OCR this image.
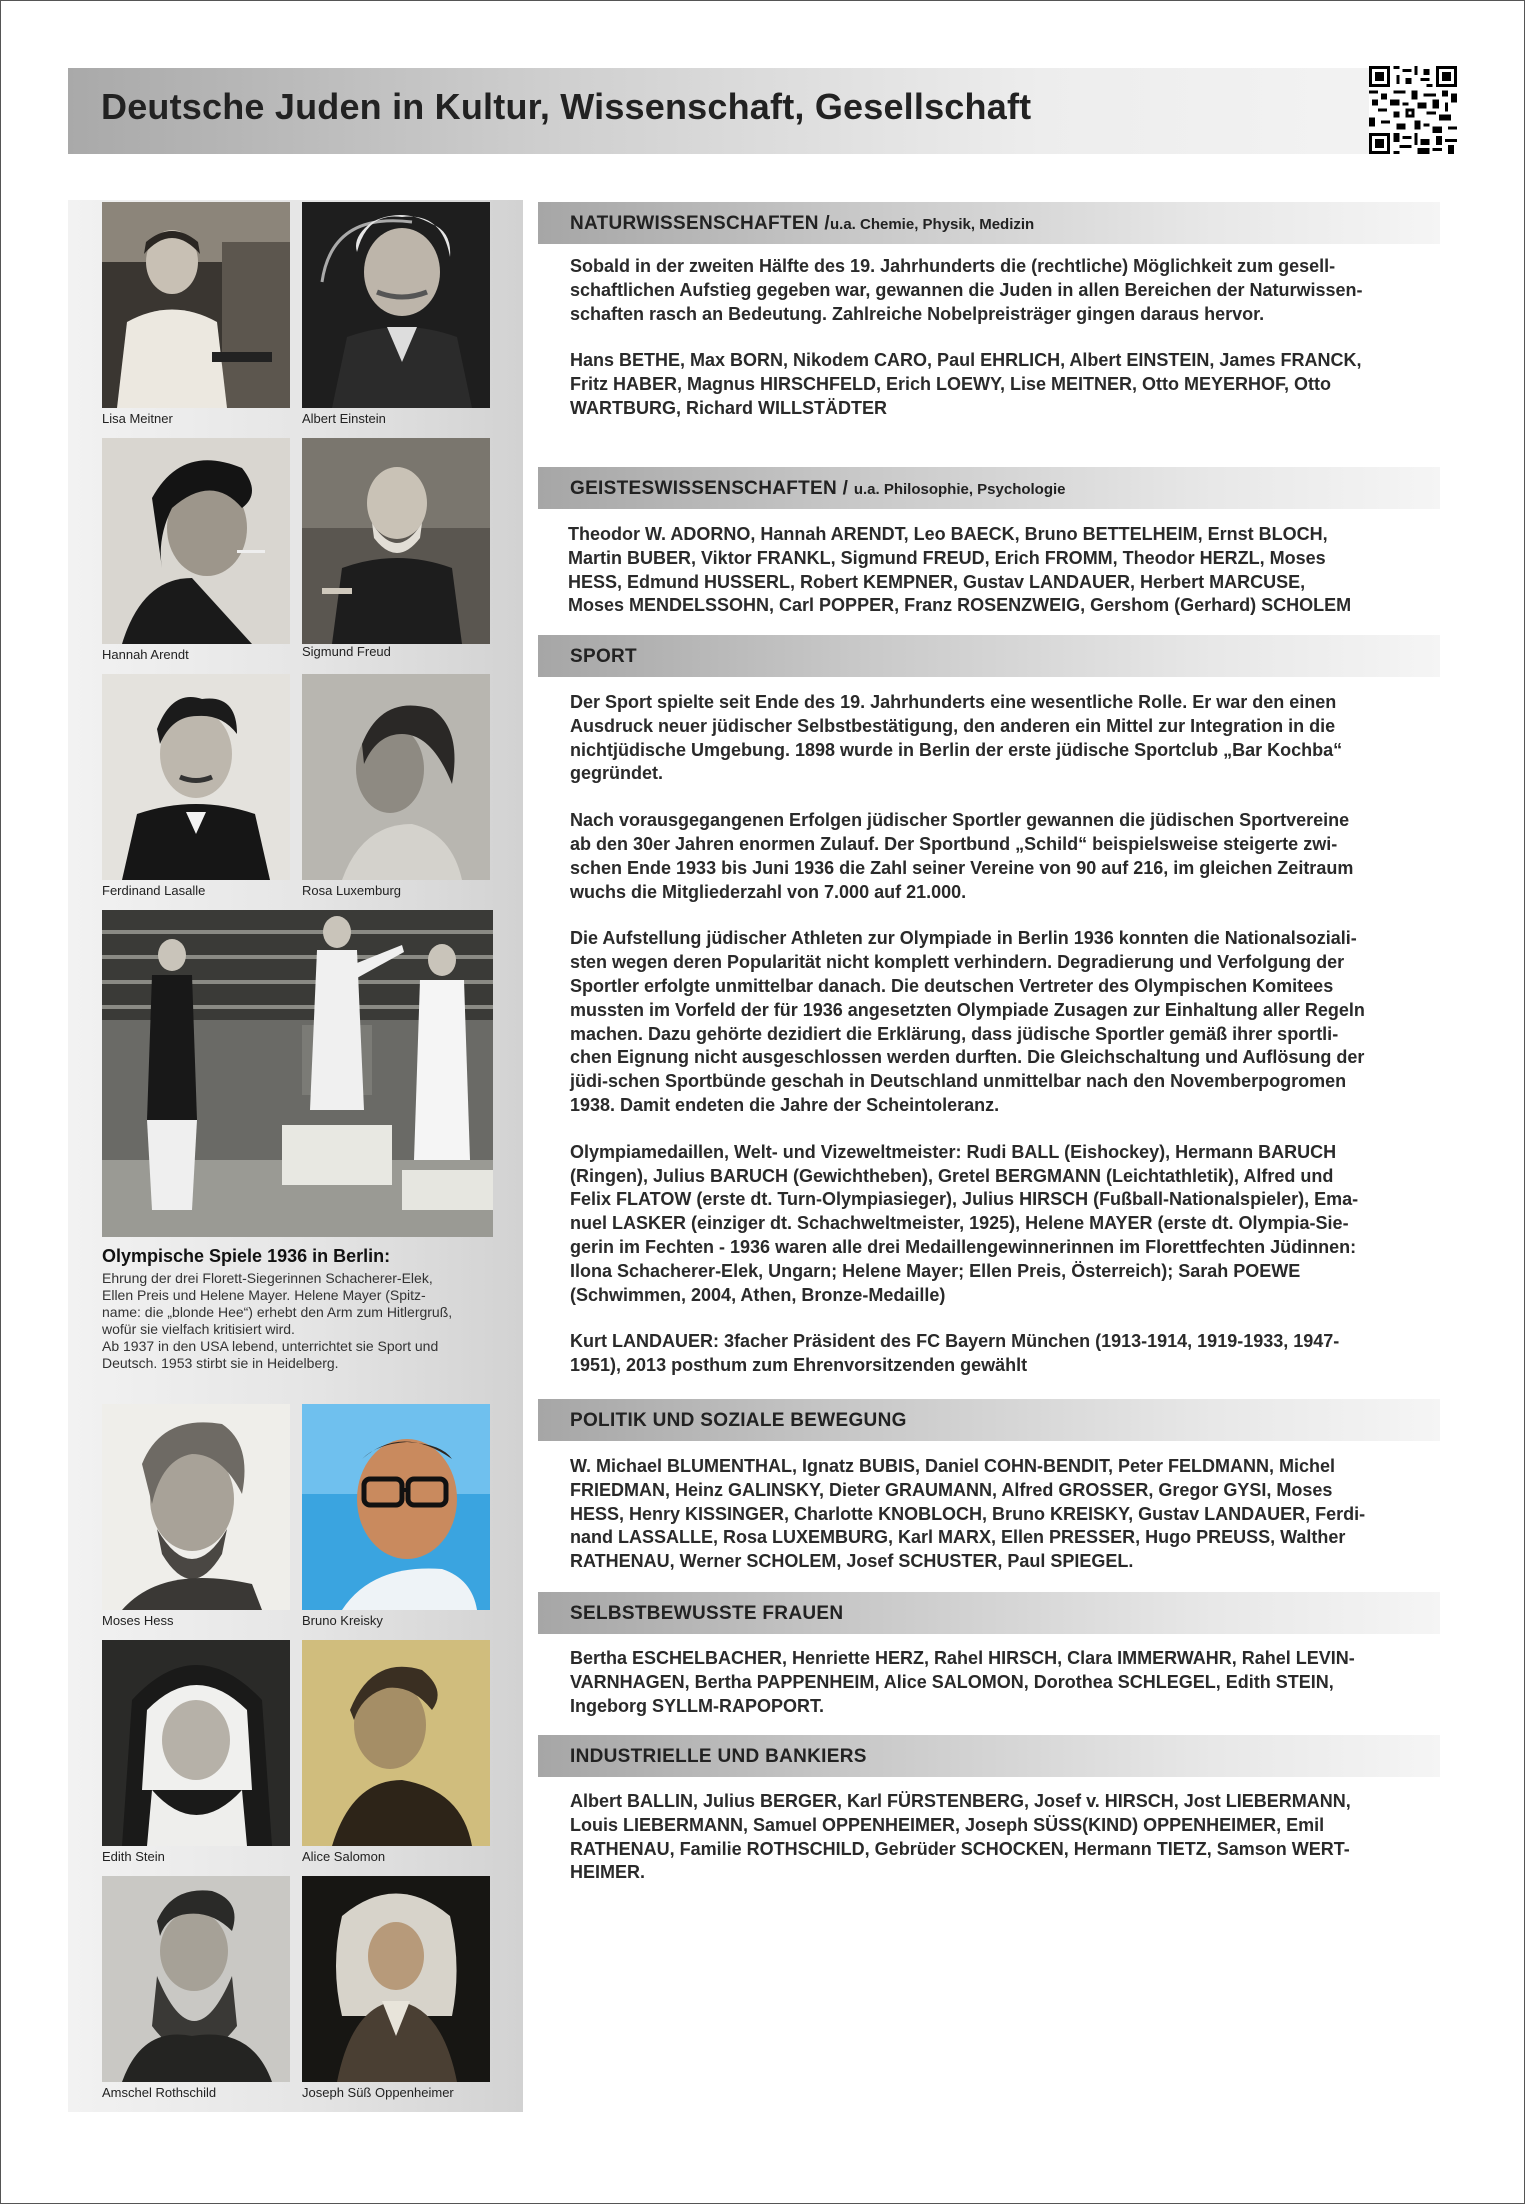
Deutsche Juden in Kultur, Wissenschaft, Gesellschaft
Lisa Meitner	Albert Einstein
Hannah Arendt	Sigmund Freud
Ferdinand Lasalle	Rosa Luxemburg
Olympische Spiele 1936 in Berlin:
Ehrung der drei Florett-Siegerinnen Schacherer-Elek,
Ellen Preis und Helene Mayer. Helene Mayer (Spitz-
name: die „blonde Hee“) erhebt den Arm zum Hitlergruß,
wofür sie vielfach kritisiert wird.
Ab 1937 in den USA lebend, unterrichtet sie Sport und
Deutsch. 1953 stirbt sie in Heidelberg.
Moses Hess	Bruno Kreisky
Edith Stein	Alice Salomon
Amschel Rothschild	Joseph Süß Oppenheimer
NATURWISSENSCHAFTEN /u.a. Chemie, Physik, Medizin
Sobald in der zweiten Hälfte des 19. Jahrhunderts die (rechtliche) Möglichkeit zum gesell-
schaftlichen Aufstieg gegeben war, gewannen die Juden in allen Bereichen der Naturwissen-
schaften rasch an Bedeutung. Zahlreiche Nobelpreisträger gingen daraus hervor.
Hans BETHE, Max BORN, Nikodem CARO, Paul EHRLICH, Albert EINSTEIN, James FRANCK,
Fritz HABER, Magnus HIRSCHFELD, Erich LOEWY, Lise MEITNER, Otto MEYERHOF, Otto
WARTBURG, Richard WILLSTÄDTER
GEISTESWISSENSCHAFTEN / u.a. Philosophie, Psychologie
Theodor W. ADORNO, Hannah ARENDT, Leo BAECK, Bruno BETTELHEIM, Ernst BLOCH,
Martin BUBER, Viktor FRANKL, Sigmund FREUD, Erich FROMM, Theodor HERZL, Moses
HESS, Edmund HUSSERL, Robert KEMPNER, Gustav LANDAUER, Herbert MARCUSE,
Moses MENDELSSOHN, Carl POPPER, Franz ROSENZWEIG, Gershom (Gerhard) SCHOLEM
SPORT
Der Sport spielte seit Ende des 19. Jahrhunderts eine wesentliche Rolle. Er war den einen
Ausdruck neuer jüdischer Selbstbestätigung, den anderen ein Mittel zur Integration in die
nichtjüdische Umgebung. 1898 wurde in Berlin der erste jüdische Sportclub „Bar Kochba“
gegründet.
Nach vorausgegangenen Erfolgen jüdischer Sportler gewannen die jüdischen Sportvereine
ab den 30er Jahren enormen Zulauf. Der Sportbund „Schild“ beispielsweise steigerte zwi-
schen Ende 1933 bis Juni 1936 die Zahl seiner Vereine von 90 auf 216, im gleichen Zeitraum
wuchs die Mitgliederzahl von 7.000 auf 21.000.
Die Aufstellung jüdischer Athleten zur Olympiade in Berlin 1936 konnten die Nationalsoziali-
sten wegen deren Popularität nicht komplett verhindern. Degradierung und Verfolgung der
Sportler erfolgte unmittelbar danach. Die deutschen Vertreter des Olympischen Komitees
mussten im Vorfeld der für 1936 angesetzten Olympiade Zusagen zur Einhaltung aller Regeln
machen. Dazu gehörte dezidiert die Erklärung, dass jüdische Sportler gemäß ihrer sportli-
chen Eignung nicht ausgeschlossen werden durften. Die Gleichschaltung und Auflösung der
jüdi-schen Sportbünde geschah in Deutschland unmittelbar nach den Novemberpogromen
1938. Damit endeten die Jahre der Scheintoleranz.
Olympiamedaillen, Welt- und Vizeweltmeister: Rudi BALL (Eishockey), Hermann BARUCH
(Ringen), Julius BARUCH (Gewichtheben), Gretel BERGMANN (Leichtathletik), Alfred und
Felix FLATOW (erste dt. Turn-Olympiasieger), Julius HIRSCH (Fußball-Nationalspieler), Ema-
nuel LASKER (einziger dt. Schachweltmeister, 1925), Helene MAYER (erste dt. Olympia-Sie-
gerin im Fechten - 1936 waren alle drei Medaillengewinnerinnen im Florettfechten Jüdinnen:
Ilona Schacherer-Elek, Ungarn; Helene Mayer; Ellen Preis, Österreich); Sarah POEWE
(Schwimmen, 2004, Athen, Bronze-Medaille)
Kurt LANDAUER: 3facher Präsident des FC Bayern München (1913-1914, 1919-1933, 1947-
1951), 2013 posthum zum Ehrenvorsitzenden gewählt
POLITIK UND SOZIALE BEWEGUNG
W. Michael BLUMENTHAL, Ignatz BUBIS, Daniel COHN-BENDIT, Peter FELDMANN, Michel
FRIEDMAN, Heinz GALINSKY, Dieter GRAUMANN, Alfred GROSSER, Gregor GYSI, Moses
HESS, Henry KISSINGER, Charlotte KNOBLOCH, Bruno KREISKY, Gustav LANDAUER, Ferdi-
nand LASSALLE, Rosa LUXEMBURG, Karl MARX, Ellen PRESSER, Hugo PREUSS, Walther
RATHENAU, Werner SCHOLEM, Josef SCHUSTER, Paul SPIEGEL.
SELBSTBEWUSSTE FRAUEN
Bertha ESCHELBACHER, Henriette HERZ, Rahel HIRSCH, Clara IMMERWAHR, Rahel LEVIN-
VARNHAGEN, Bertha PAPPENHEIM, Alice SALOMON, Dorothea SCHLEGEL, Edith STEIN,
Ingeborg SYLLM-RAPOPORT.
INDUSTRIELLE UND BANKIERS
Albert BALLIN, Julius BERGER, Karl FÜRSTENBERG, Josef v. HIRSCH, Jost LIEBERMANN,
Louis LIEBERMANN, Samuel OPPENHEIMER, Joseph SÜSS(KIND) OPPENHEIMER, Emil
RATHENAU, Familie ROTHSCHILD, Gebrüder SCHOCKEN, Hermann TIETZ, Samson WERT-
HEIMER.
